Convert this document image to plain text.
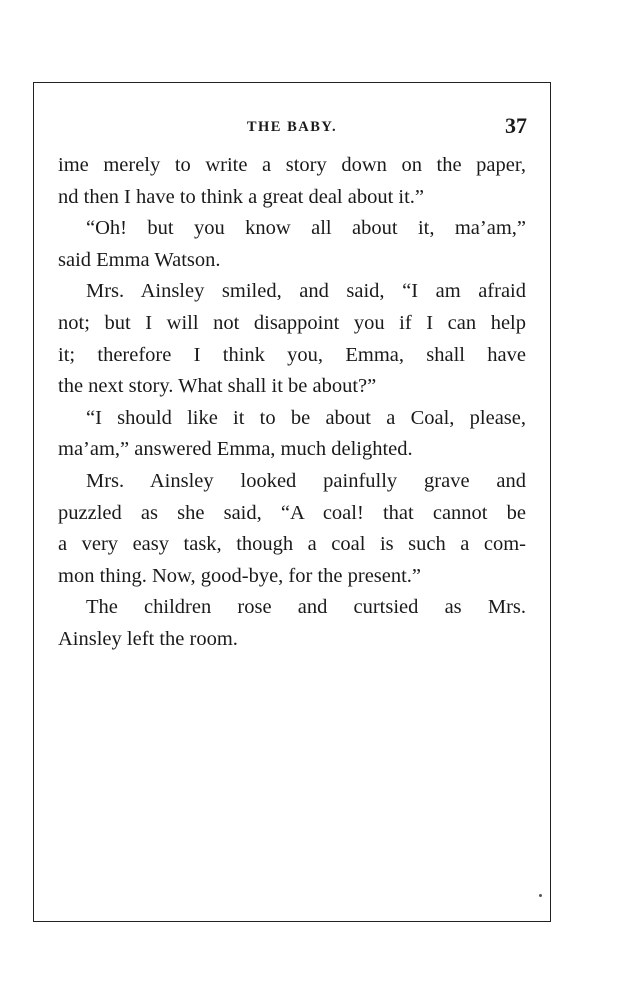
THE BABY.	37
ime merely to write a story down on the paper,
nd then I have to think a great deal about it.”
“Oh! but you know all about it, ma’am,”
said Emma Watson.
Mrs. Ainsley smiled, and said, “I am afraid
not; but I will not disappoint you if I can help
it; therefore I think you, Emma, shall have
the next story. What shall it be about?”
“I should like it to be about a Coal, please,
ma’am,” answered Emma, much delighted.
Mrs. Ainsley looked painfully grave and
puzzled as she said, “A coal! that cannot be
a very easy task, though a coal is such a com-
mon thing. Now, good-bye, for the present.”
The children rose and curtsied as Mrs.
Ainsley left the room.
